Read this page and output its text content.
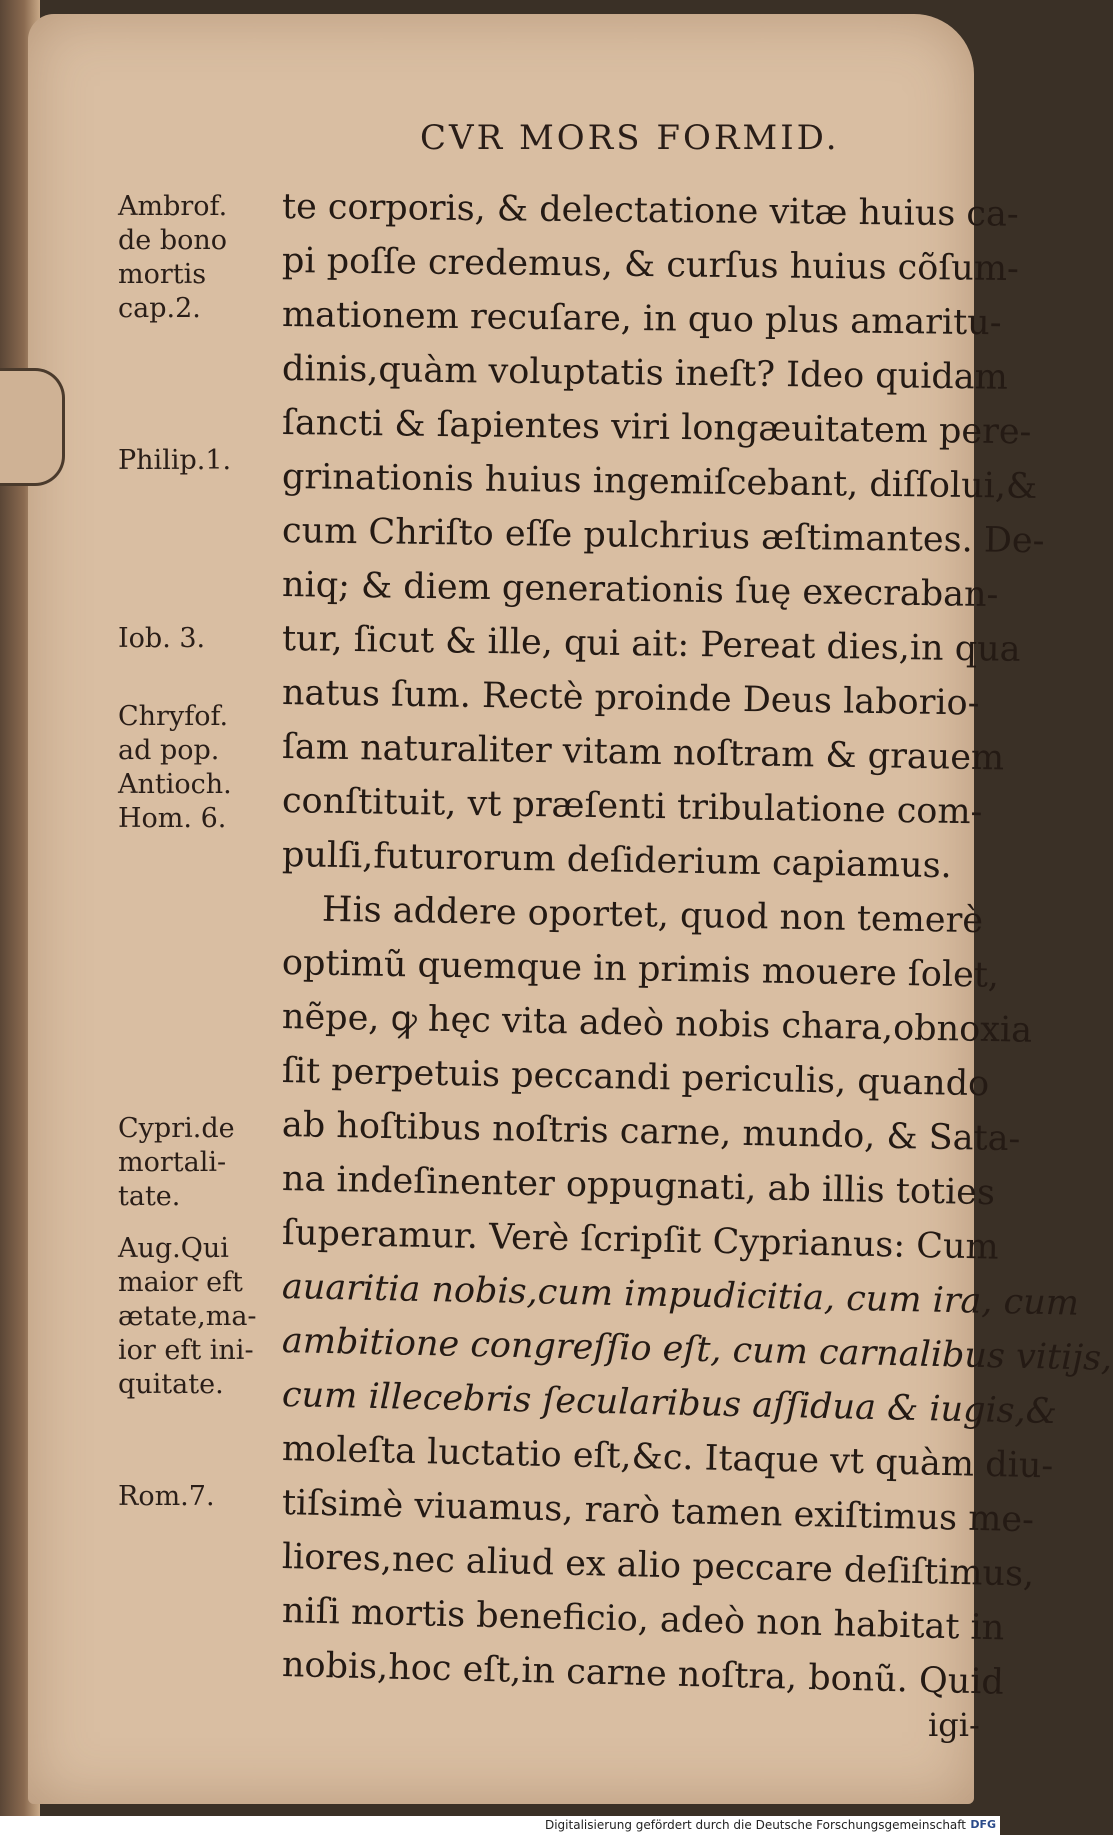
CVR MORS FORMID.
Ambrof.
de bono
mortis
cap.2.
Philip.1.
Iob. 3.
Chryfof.
ad pop.
Antioch.
Hom. 6.
Cypri.de
mortali-
tate.
Aug.Qui
maior eft
ætate,ma-
ior eft ini-
quitate.
Rom.7.
te corporis, & delectatione vitæ huius ca-
pi poſſe credemus, & curſus huius cõſum-
mationem recuſare, in quo plus amaritu-
dinis,quàm voluptatis ineſt? Ideo quidam
ſancti & ſapientes viri longæuitatem pere-
grinationis huius ingemiſcebant, diſſolui,&
cum Chriſto eſſe pulchrius æſtimantes. De-
niq; & diem generationis ſuę execraban-
tur, ſicut & ille, qui ait: Pereat dies,in qua
natus ſum. Rectè proinde Deus laborio-
ſam naturaliter vitam noſtram & grauem
conſtituit, vt præſenti tribulatione com-
pulſi,futurorum deſiderium capiamus.
His addere oportet, quod non temerè
optimũ quemque in primis mouere ſolet,
nẽpe, ꝙ hęc vita adeò nobis chara,obnoxia
ſit perpetuis peccandi periculis, quando
ab hoſtibus noſtris carne, mundo, & Sata-
na indeſinenter oppugnati, ab illis toties
ſuperamur. Verè ſcripſit Cyprianus: Cum
auaritia nobis,cum impudicitia, cum ira, cum
ambitione congreſſio eſt, cum carnalibus vitijs,
cum illecebris ſecularibus aſſidua & iugis,&
moleſta luctatio eſt,&c. Itaque vt quàm diu-
tiſsimè viuamus, rarò tamen exiſtimus me-
liores,nec aliud ex alio peccare deſiſtimus,
niſi mortis beneficio, adeò non habitat in
nobis,hoc eſt,in carne noſtra, bonũ. Quid
igi-
Digitalisierung gefördert durch die Deutsche Forschungsgemeinschaft DFG
